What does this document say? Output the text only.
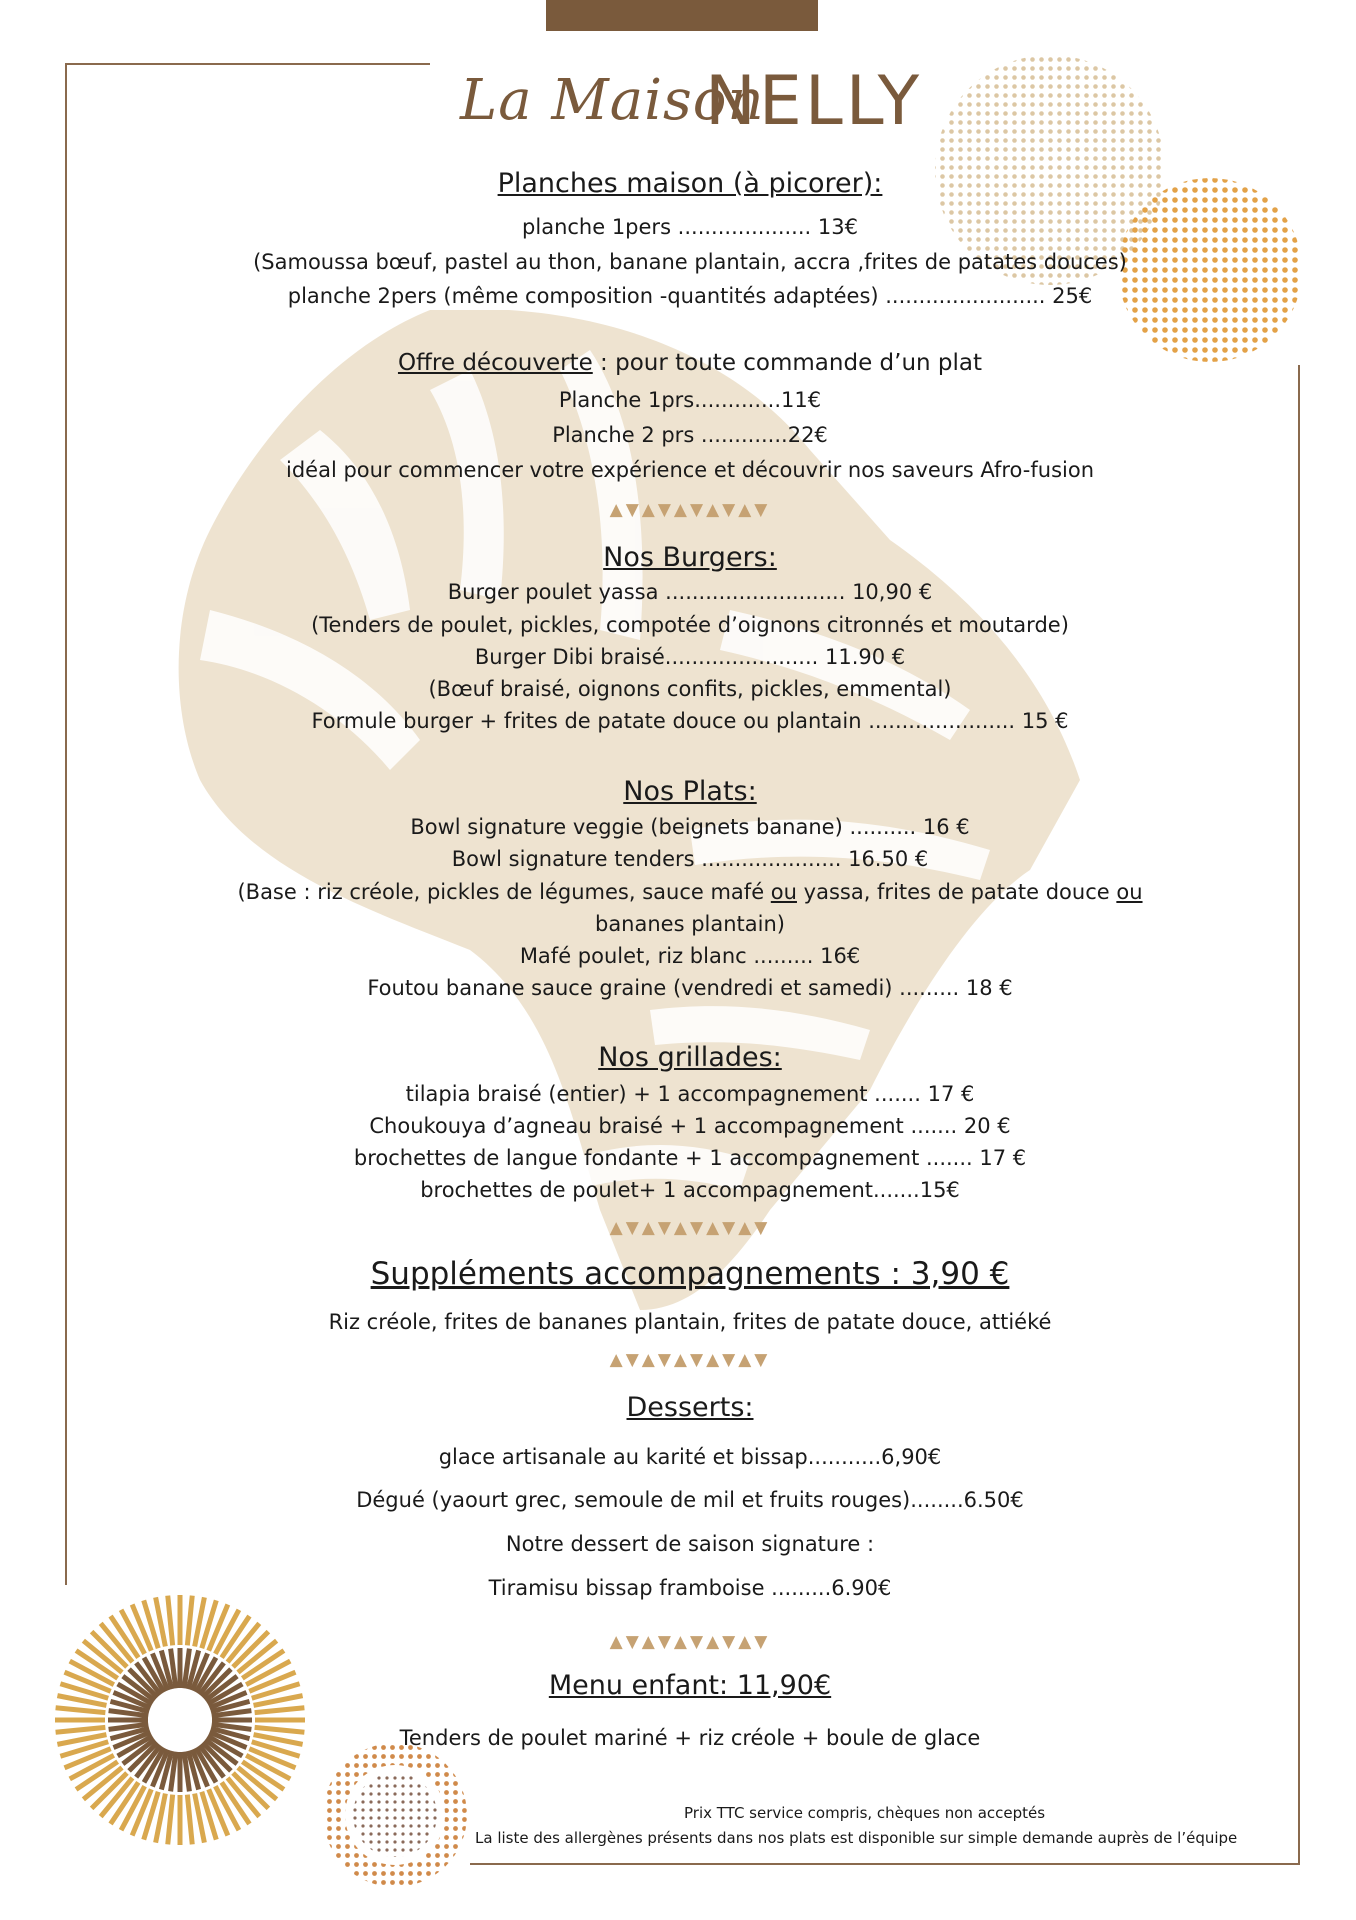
La Maison
NELLY
Planches maison (à picorer):
planche 1pers .................... 13€
(Samoussa bœuf, pastel au thon, banane plantain, accra ,frites de patates douces)
planche 2pers (même composition -quantités adaptées) ........................ 25€
Offre découverte : pour toute commande d’un plat
Planche 1prs.............11€
Planche 2 prs .............22€
idéal pour commencer votre expérience et découvrir nos saveurs Afro-fusion
▲▼▲▼▲▼▲▼▲▼
Nos Burgers:
Burger poulet yassa ........................... 10,90 €
(Tenders de poulet, pickles, compotée d’oignons citronnés et moutarde)
Burger Dibi braisé....................... 11.90 €
(Bœuf braisé, oignons confits, pickles, emmental)
Formule burger + frites de patate douce ou plantain ...................... 15 €
Nos Plats:
Bowl signature veggie (beignets banane) .......... 16 €
Bowl signature tenders ..................... 16.50 €
(Base : riz créole, pickles de légumes, sauce mafé ou yassa, frites de patate douce ou
bananes plantain)
Mafé poulet, riz blanc ......... 16€
Foutou banane sauce graine (vendredi et samedi) ......... 18 €
Nos grillades:
tilapia braisé (entier) + 1 accompagnement ....... 17 €
Choukouya d’agneau braisé + 1 accompagnement ....... 20 €
brochettes de langue fondante + 1 accompagnement ....... 17 €
brochettes de poulet+ 1 accompagnement.......15€
▲▼▲▼▲▼▲▼▲▼
Suppléments accompagnements : 3,90 €
Riz créole, frites de bananes plantain, frites de patate douce, attiéké
▲▼▲▼▲▼▲▼▲▼
Desserts:
glace artisanale au karité et bissap...........6,90€
Dégué (yaourt grec, semoule de mil et fruits rouges)........6.50€
Notre dessert de saison signature :
Tiramisu bissap framboise .........6.90€
▲▼▲▼▲▼▲▼▲▼
Menu enfant: 11,90€
Tenders de poulet mariné + riz créole + boule de glace
Prix TTC service compris, chèques non acceptés
La liste des allergènes présents dans nos plats est disponible sur simple demande auprès de l’équipe
